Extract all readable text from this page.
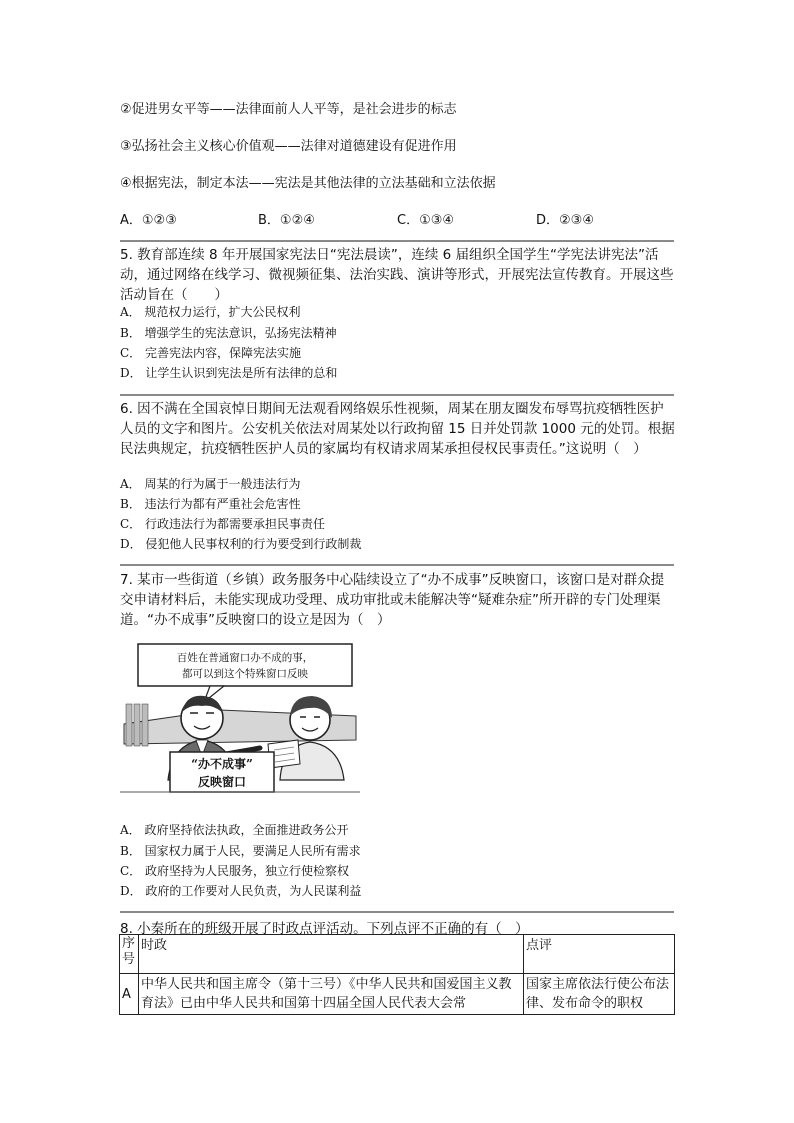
②促进男女平等——法律面前人人平等，是社会进步的标志
③弘扬社会主义核心价值观——法律对道德建设有促进作用
④根据宪法，制定本法——宪法是其他法律的立法基础和立法依据
A．①②③	B．①②④	C．①③④	D．②③④
5. 教育部连续 8 年开展国家宪法日“宪法晨读”，连续 6 届组织全国学生“学宪法讲宪法”活动，通过网络在线学习、微视频征集、法治实践、演讲等形式，开展宪法宣传教育。开展这些活动旨在（　　）
A． 规范权力运行，扩大公民权利
B． 增强学生的宪法意识，弘扬宪法精神
C． 完善宪法内容，保障宪法实施
D． 让学生认识到宪法是所有法律的总和
6. 因不满在全国哀悼日期间无法观看网络娱乐性视频，周某在朋友圈发布辱骂抗疫牺牲医护人员的文字和图片。公安机关依法对周某处以行政拘留 15 日并处罚款 1000 元的处罚。根据民法典规定，抗疫牺牲医护人员的家属均有权请求周某承担侵权民事责任。”这说明（　）
A． 周某的行为属于一般违法行为
B． 违法行为都有严重社会危害性
C． 行政违法行为都需要承担民事责任
D． 侵犯他人民事权利的行为要受到行政制裁
7. 某市一些街道（乡镇）政务服务中心陆续设立了“办不成事”反映窗口，该窗口是对群众提交申请材料后，未能实现成功受理、成功审批或未能解决等“疑难杂症”所开辟的专门处理渠道。“办不成事”反映窗口的设立是因为（　）
百姓在普通窗口办不成的事，
都可以到这个特殊窗口反映
“办不成事”
反映窗口
A． 政府坚持依法执政，全面推进政务公开
B． 国家权力属于人民，要满足人民所有需求
C． 政府坚持为人民服务，独立行使检察权
D． 政府的工作要对人民负责，为人民谋利益
8. 小秦所在的班级开展了时政点评活动。下列点评不正确的有（　）
序号	时政	点评
A	中华人民共和国主席令（第十三号）《中华人民共和国爱国主义教育法》已由中华人民共和国第十四届全国人民代表大会常	国家主席依法行使公布法律、发布命令的职权
